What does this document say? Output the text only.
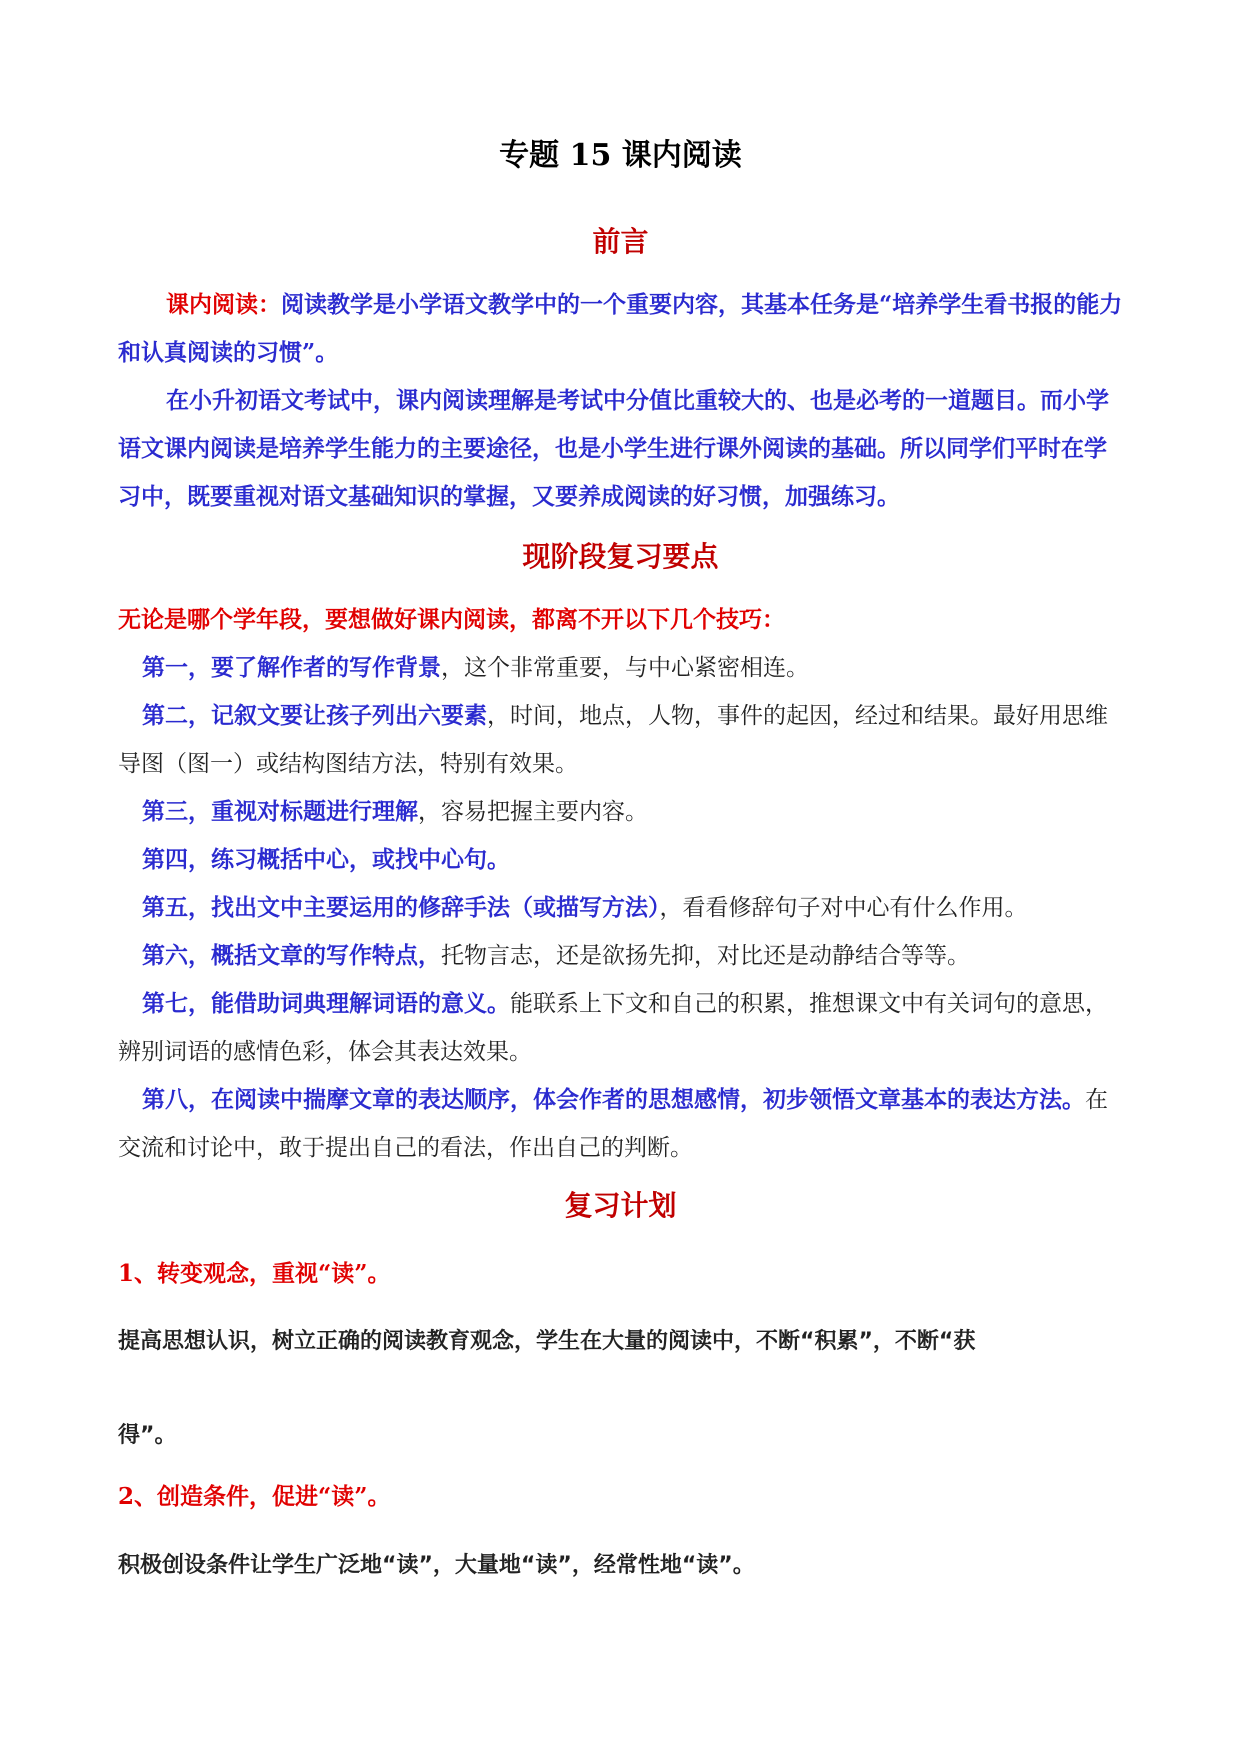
专题 15 课内阅读
前言
课内阅读：阅读教学是小学语文教学中的一个重要内容，其基本任务是“培养学生看书报的能力和认真阅读的习惯”。
在小升初语文考试中，课内阅读理解是考试中分值比重较大的、也是必考的一道题目。而小学语文课内阅读是培养学生能力的主要途径，也是小学生进行课外阅读的基础。所以同学们平时在学习中，既要重视对语文基础知识的掌握，又要养成阅读的好习惯，加强练习。
现阶段复习要点
无论是哪个学年段，要想做好课内阅读，都离不开以下几个技巧：
第一，要了解作者的写作背景，这个非常重要，与中心紧密相连。
第二，记叙文要让孩子列出六要素，时间，地点，人物，事件的起因，经过和结果。最好用思维导图（图一）或结构图结方法，特别有效果。
第三，重视对标题进行理解，容易把握主要内容。
第四，练习概括中心，或找中心句。
第五，找出文中主要运用的修辞手法（或描写方法），看看修辞句子对中心有什么作用。
第六，概括文章的写作特点，托物言志，还是欲扬先抑，对比还是动静结合等等。
第七，能借助词典理解词语的意义。能联系上下文和自己的积累，推想课文中有关词句的意思，辨别词语的感情色彩，体会其表达效果。
第八，在阅读中揣摩文章的表达顺序，体会作者的思想感情，初步领悟文章基本的表达方法。在交流和讨论中，敢于提出自己的看法，作出自己的判断。
复习计划
1、转变观念，重视“读”。
提高思想认识，树立正确的阅读教育观念，学生在大量的阅读中，不断“积累”，不断“获
得”。
2、创造条件，促进“读”。
积极创设条件让学生广泛地“读”，大量地“读”，经常性地“读”。
